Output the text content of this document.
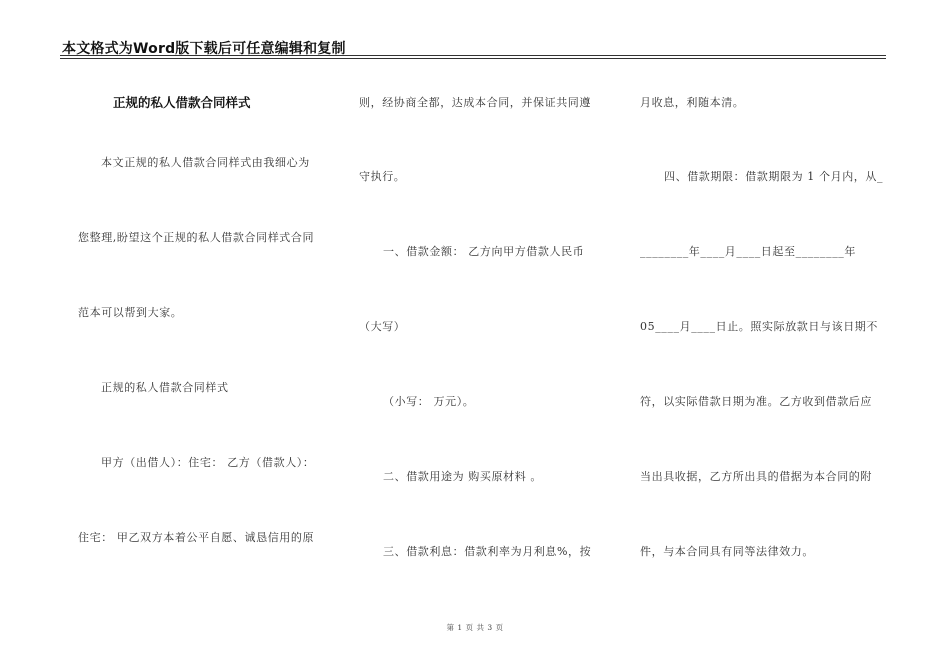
本文格式为Word版下载后可任意编辑和复制
正规的私人借款合同样式
本文正规的私人借款合同样式由我细心为
您整理,盼望这个正规的私人借款合同样式合同
范本可以帮到大家。
正规的私人借款合同样式
甲方（出借人）：住宅： 乙方（借款人）：
住宅： 甲乙双方本着公平自愿、诚恳信用的原
则，经协商全都，达成本合同，并保证共同遵
守执行。
一、借款金额： 乙方向甲方借款人民币
（大写）
（小写： 万元）。
二、借款用途为 购买原材料 。
三、借款利息：借款利率为月利息%，按
月收息，利随本清。
四、借款期限：借款期限为 1 个月内，从_
________年____月____日起至________年
05____月____日止。照实际放款日与该日期不
符，以实际借款日期为准。乙方收到借款后应
当出具收据，乙方所出具的借据为本合同的附
件，与本合同具有同等法律效力。
第 1 页 共 3 页
